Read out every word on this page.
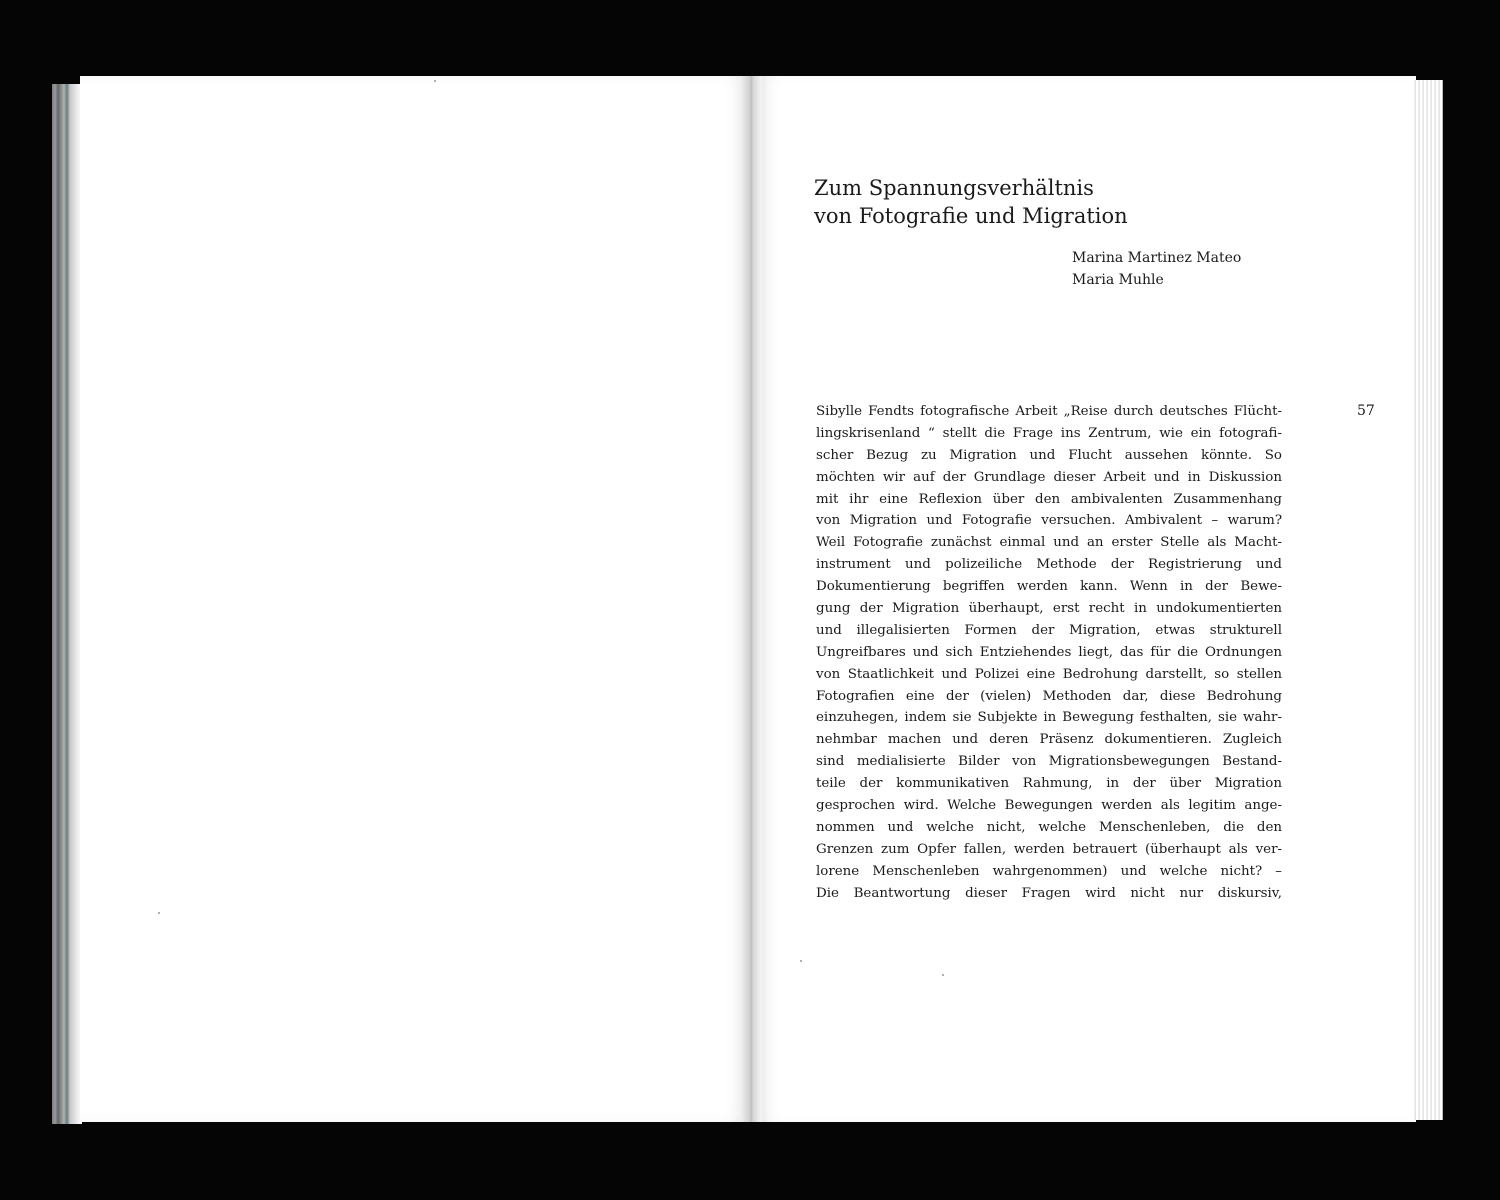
Zum Spannungsverhältnis
von Fotografie und Migration
Marina Martinez Mateo
Maria Muhle
57
Sibylle Fendts fotografische Arbeit „Reise durch deutsches Flücht-
lingskrisenland “ stellt die Frage ins Zentrum, wie ein fotografi-
scher Bezug zu Migration und Flucht aussehen könnte. So
möchten wir auf der Grundlage dieser Arbeit und in Diskussion
mit ihr eine Reflexion über den ambivalenten Zusammenhang
von Migration und Fotografie versuchen. Ambivalent – warum?
Weil Fotografie zunächst einmal und an erster Stelle als Macht-
instrument und polizeiliche Methode der Registrierung und
Dokumentierung begriffen werden kann. Wenn in der Bewe-
gung der Migration überhaupt, erst recht in undokumentierten
und illegalisierten Formen der Migration, etwas strukturell
Ungreifbares und sich Entziehendes liegt, das für die Ordnungen
von Staatlichkeit und Polizei eine Bedrohung darstellt, so stellen
Fotografien eine der (vielen) Methoden dar, diese Bedrohung
einzuhegen, indem sie Subjekte in Bewegung festhalten, sie wahr-
nehmbar machen und deren Präsenz dokumentieren. Zugleich
sind medialisierte Bilder von Migrationsbewegungen Bestand-
teile der kommunikativen Rahmung, in der über Migration
gesprochen wird. Welche Bewegungen werden als legitim ange-
nommen und welche nicht, welche Menschenleben, die den
Grenzen zum Opfer fallen, werden betrauert (überhaupt als ver-
lorene Menschenleben wahrgenommen) und welche nicht? –
Die Beantwortung dieser Fragen wird nicht nur diskursiv,
